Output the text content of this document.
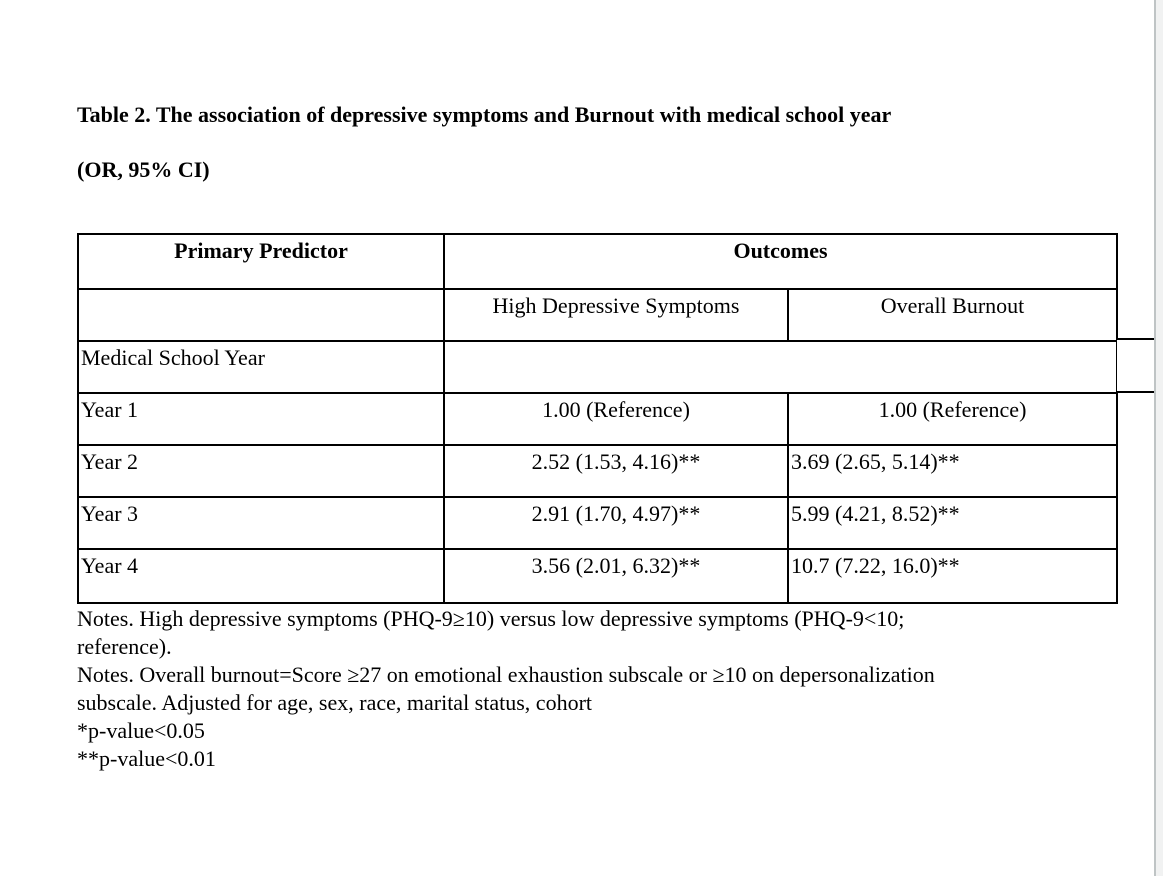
Table 2. The association of depressive symptoms and Burnout with medical school year
(OR, 95% CI)
Primary Predictor	Outcomes	
	High Depressive Symptoms	Overall Burnout
Medical School Year		
Year 1	1.00 (Reference)	1.00 (Reference)
Year 2	2.52 (1.53, 4.16)**	3.69 (2.65, 5.14)**
Year 3	2.91 (1.70, 4.97)**	5.99 (4.21, 8.52)**
Year 4	3.56 (2.01, 6.32)**	10.7 (7.22, 16.0)**
Notes. High depressive symptoms (PHQ-9≥10) versus low depressive symptoms (PHQ-9<10;
reference).
Notes. Overall burnout=Score ≥27 on emotional exhaustion subscale or ≥10 on depersonalization
subscale. Adjusted for age, sex, race, marital status, cohort
*p-value<0.05
**p-value<0.01
